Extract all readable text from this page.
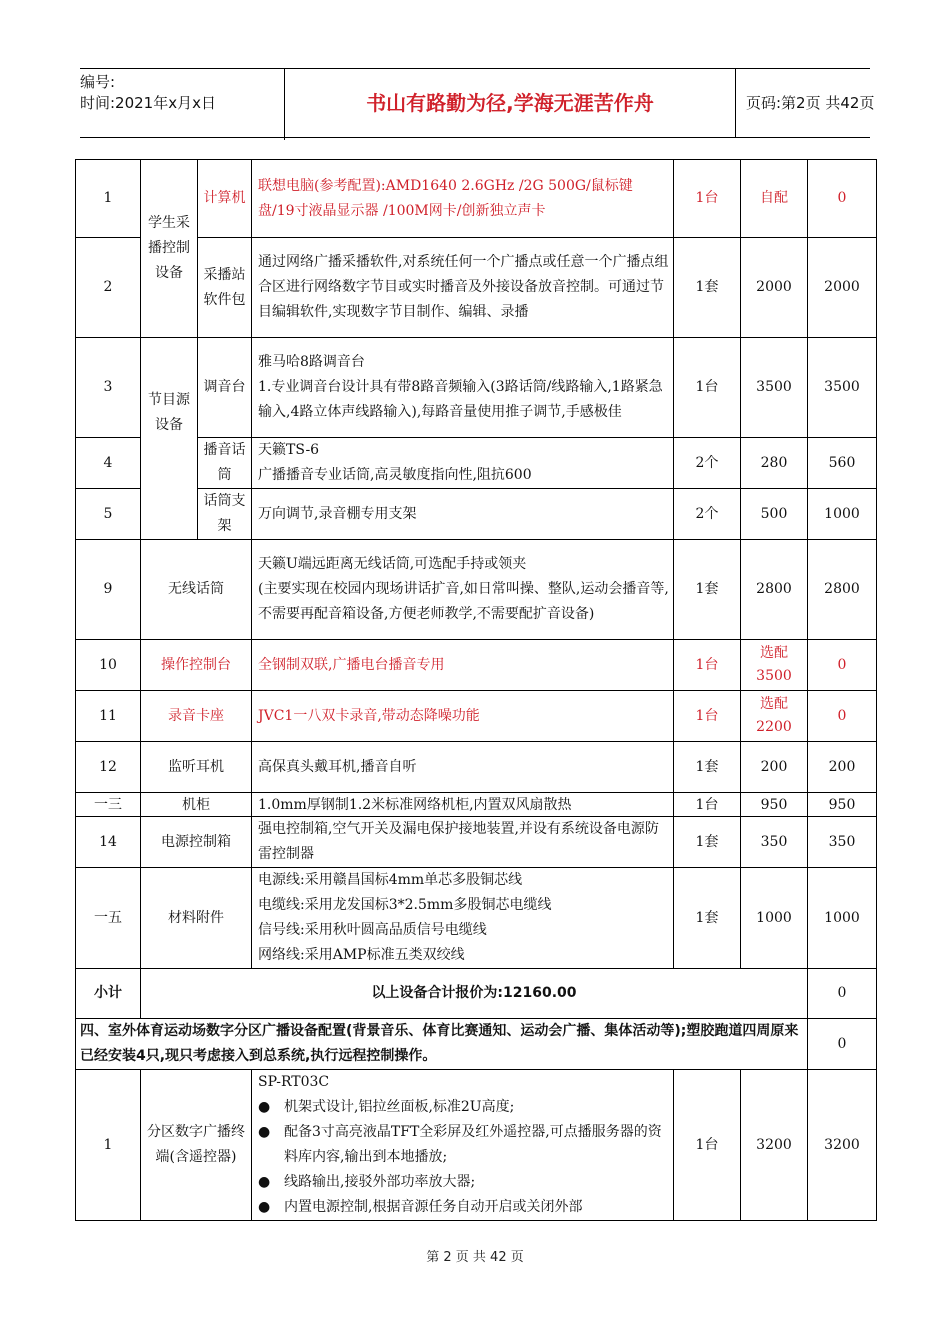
编号:
时间:2021年x月x日	书山有路勤为径,学海无涯苦作舟	页码:第2页 共42页
1	学生采播控制设备	计算机	联想电脑(参考配置):AMD1640 2.6GHz /2G 500G/鼠标键盘/19寸液晶显示器 /100M网卡/创新独立声卡	1台	自配	0
2		采播站软件包	通过网络广播采播软件,对系统任何一个广播点或任意一个广播点组合区进行网络数字节目或实时播音及外接设备放音控制。可通过节目编辑软件,实现数字节目制作、编辑、录播	1套	2000	2000
3	节目源设备	调音台	雅马哈8路调音台
1.专业调音台设计具有带8路音频输入(3路话筒/线路输入,1路紧急输入,4路立体声线路输入),每路音量使用推子调节,手感极佳	1台	3500	3500
4		播音话筒	天籁TS-6
广播播音专业话筒,高灵敏度指向性,阻抗600	2个	280	560
5		话筒支架	万向调节,录音棚专用支架	2个	500	1000
9	无线话筒		天籁U端远距离无线话筒,可选配手持或领夹
(主要实现在校园内现场讲话扩音,如日常叫操、整队,运动会播音等,不需要再配音箱设备,方便老师教学,不需要配扩音设备)	1套	2800	2800
10	操作控制台		全钢制双联,广播电台播音专用	1台	选配3500	0
11	录音卡座		JVC1一八双卡录音,带动态降噪功能	1台	选配2200	0
12	监听耳机		高保真头戴耳机,播音自听	1套	200	200
一三	机柜		1.0mm厚钢制1.2米标准网络机柜,内置双风扇散热	1台	950	950
14	电源控制箱		强电控制箱,空气开关及漏电保护接地装置,并设有系统设备电源防雷控制器	1套	350	350
一五	材料附件		电源线:采用赣昌国标4mm单芯多股铜芯线
电缆线:采用龙发国标3*2.5mm多股铜芯电缆线
信号线:采用秋叶圆高品质信号电缆线
网络线:采用AMP标准五类双绞线	1套	1000	1000
小计	以上设备合计报价为:12160.00					0
四、室外体育运动场数字分区广播设备配置(背景音乐、体育比赛通知、运动会广播、集体活动等);塑胶跑道四周原来已经安装4只,现只考虑接入到总系统,执行远程控制操作。						0
1	分区数字广播终端(含遥控器)		SP-RT03C
● 机架式设计,铝拉丝面板,标准2U高度;
● 配备3寸高亮液晶TFT全彩屏及红外遥控器,可点播服务器的资料库内容,输出到本地播放;
● 线路输出,接驳外部功率放大器;
● 内置电源控制,根据音源任务自动开启或关闭外部	1台	3200	3200
第 2 页 共 42 页
